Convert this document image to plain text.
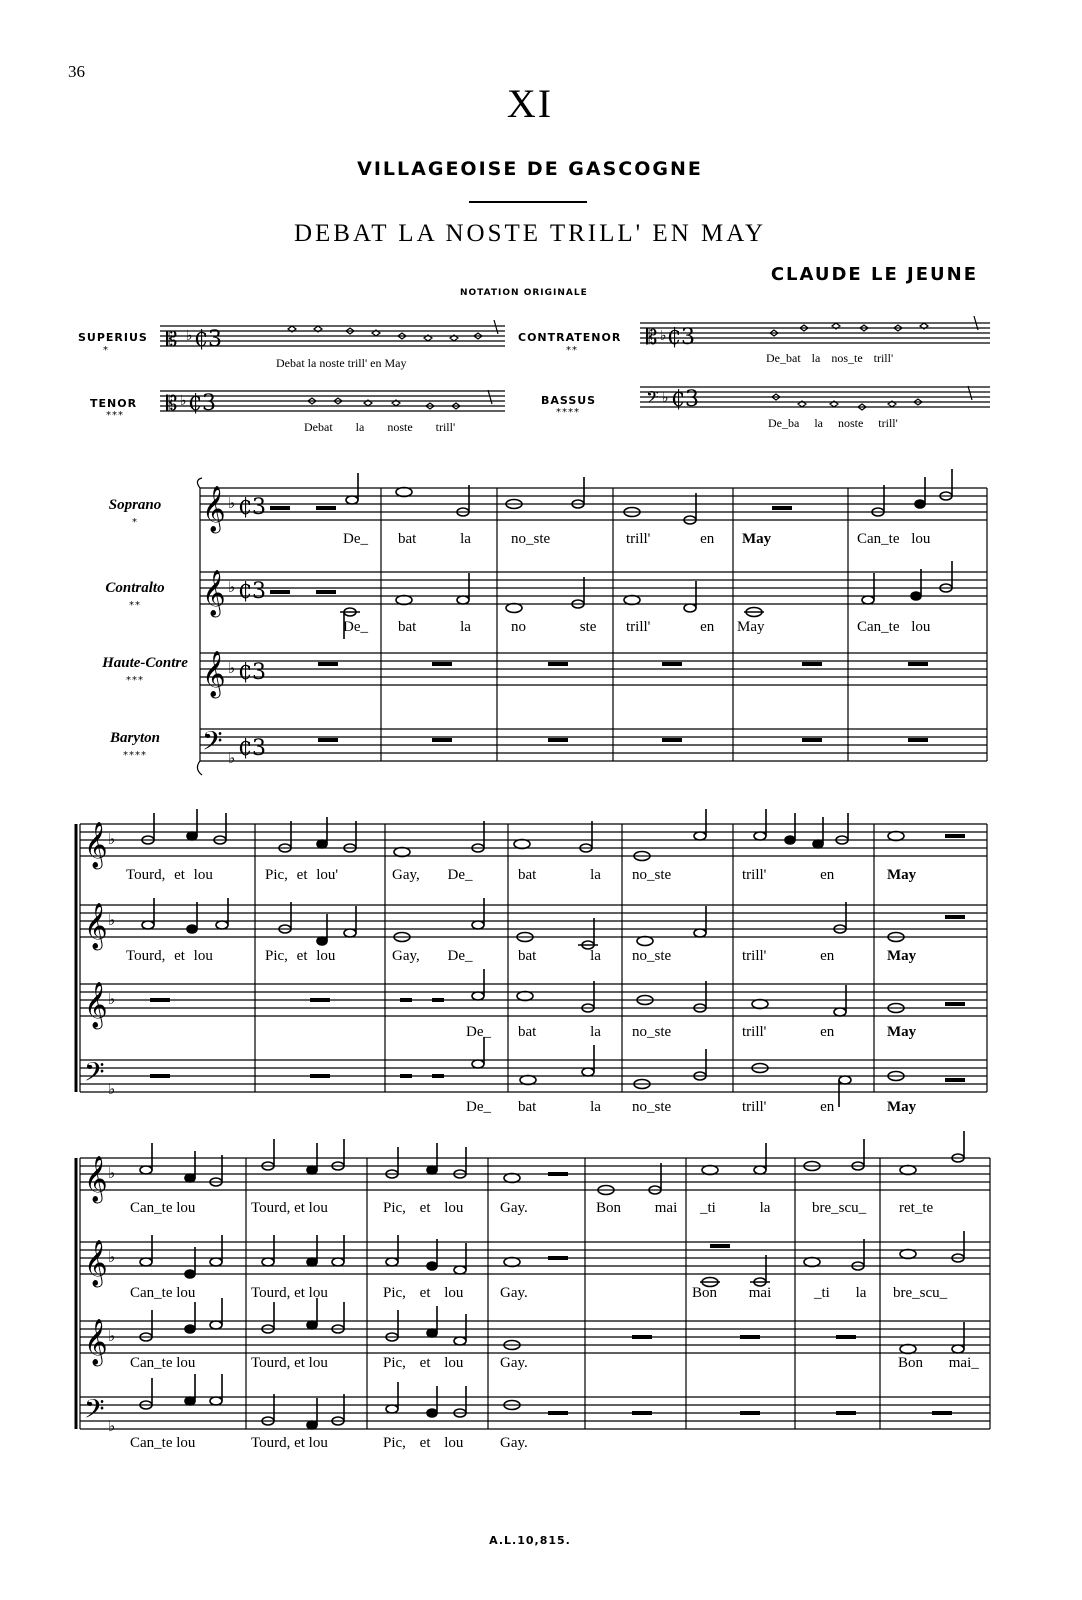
36
XI
VILLAGEOISE DE GASCOGNE
DEBAT LA NOSTE TRILL' EN MAY
CLAUDE LE JEUNE
NOTATION ORIGINALE
SUPERIUS
*
Debat la noste trill' en May
CONTRATENOR
**
De_bat la nos_te trill'
TENOR
***
Debat la noste trill'
BASSUS
****
De_ba la noste trill'
Soprano
*
Contralto
**
Haute-Contre
***
Baryton
****
De_ bat la	no_ste	trill' en May	Can_te lou
De_ bat la	no ste trill' en May	Can_te lou
Tourd, et lou	Pic, et lou'	Gay, De_	bat la no_ste	trill' en	May
Tourd, et lou	Pic, et lou	Gay, De_	bat la no_ste	trill' en	May
De_ bat la no_ste	trill' en	May
De_ bat la no_ste	trill' en	May
Can_te lou	Tourd, et lou	Pic, et lou Gay.	Bon mai _ti la	bre_scu_ ret_te
Can_te lou	Tourd, et lou	Pic, et lou Gay.	Bon mai	_ti la bre_scu_
Can_te lou	Tourd, et lou	Pic, et lou Gay.	Bon mai_
Can_te lou	Tourd, et lou	Pic, et lou Gay.
A.L.10,815.
𝄡 ♭ ₵3	𝄡 ♭ ₵3
𝄡 ♭ ₵3	𝄢 ♭ ₵3
𝄞 ♭ ₵3
𝄞 ♭ ₵3
𝄞 ♭ ₵3
𝄢 ♭ ₵3
𝄞 ♭
𝄞 ♭
𝄞 ♭
𝄢 ♭
𝄞 ♭
𝄞 ♭
𝄞 ♭
𝄢 ♭
